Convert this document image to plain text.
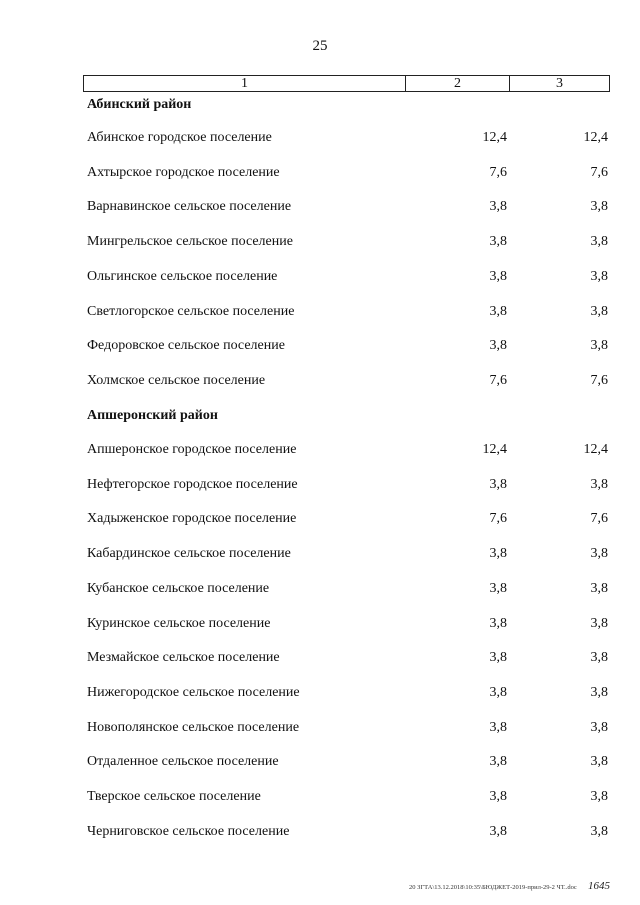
25
1	2	3
Абинский район
Абинское городское поселение	12,4	12,4
Ахтырское городское поселение	7,6	7,6
Варнавинское сельское поселение	3,8	3,8
Мингрельское сельское поселение	3,8	3,8
Ольгинское сельское поселение	3,8	3,8
Светлогорское сельское поселение	3,8	3,8
Федоровское сельское поселение	3,8	3,8
Холмское сельское поселение	7,6	7,6
Апшеронский район
Апшеронское городское поселение	12,4	12,4
Нефтегорское городское поселение	3,8	3,8
Хадыженское городское поселение	7,6	7,6
Кабардинское сельское поселение	3,8	3,8
Кубанское сельское поселение	3,8	3,8
Куринское сельское поселение	3,8	3,8
Мезмайское сельское поселение	3,8	3,8
Нижегородское сельское поселение	3,8	3,8
Новополянское сельское поселение	3,8	3,8
Отдаленное сельское поселение	3,8	3,8
Тверское сельское поселение	3,8	3,8
Черниговское сельское поселение	3,8	3,8
20 ЗГТА\13.12.2018\10:35\БЮДЖЕТ-2019-прил-29-2 ЧТ..doc 1645
